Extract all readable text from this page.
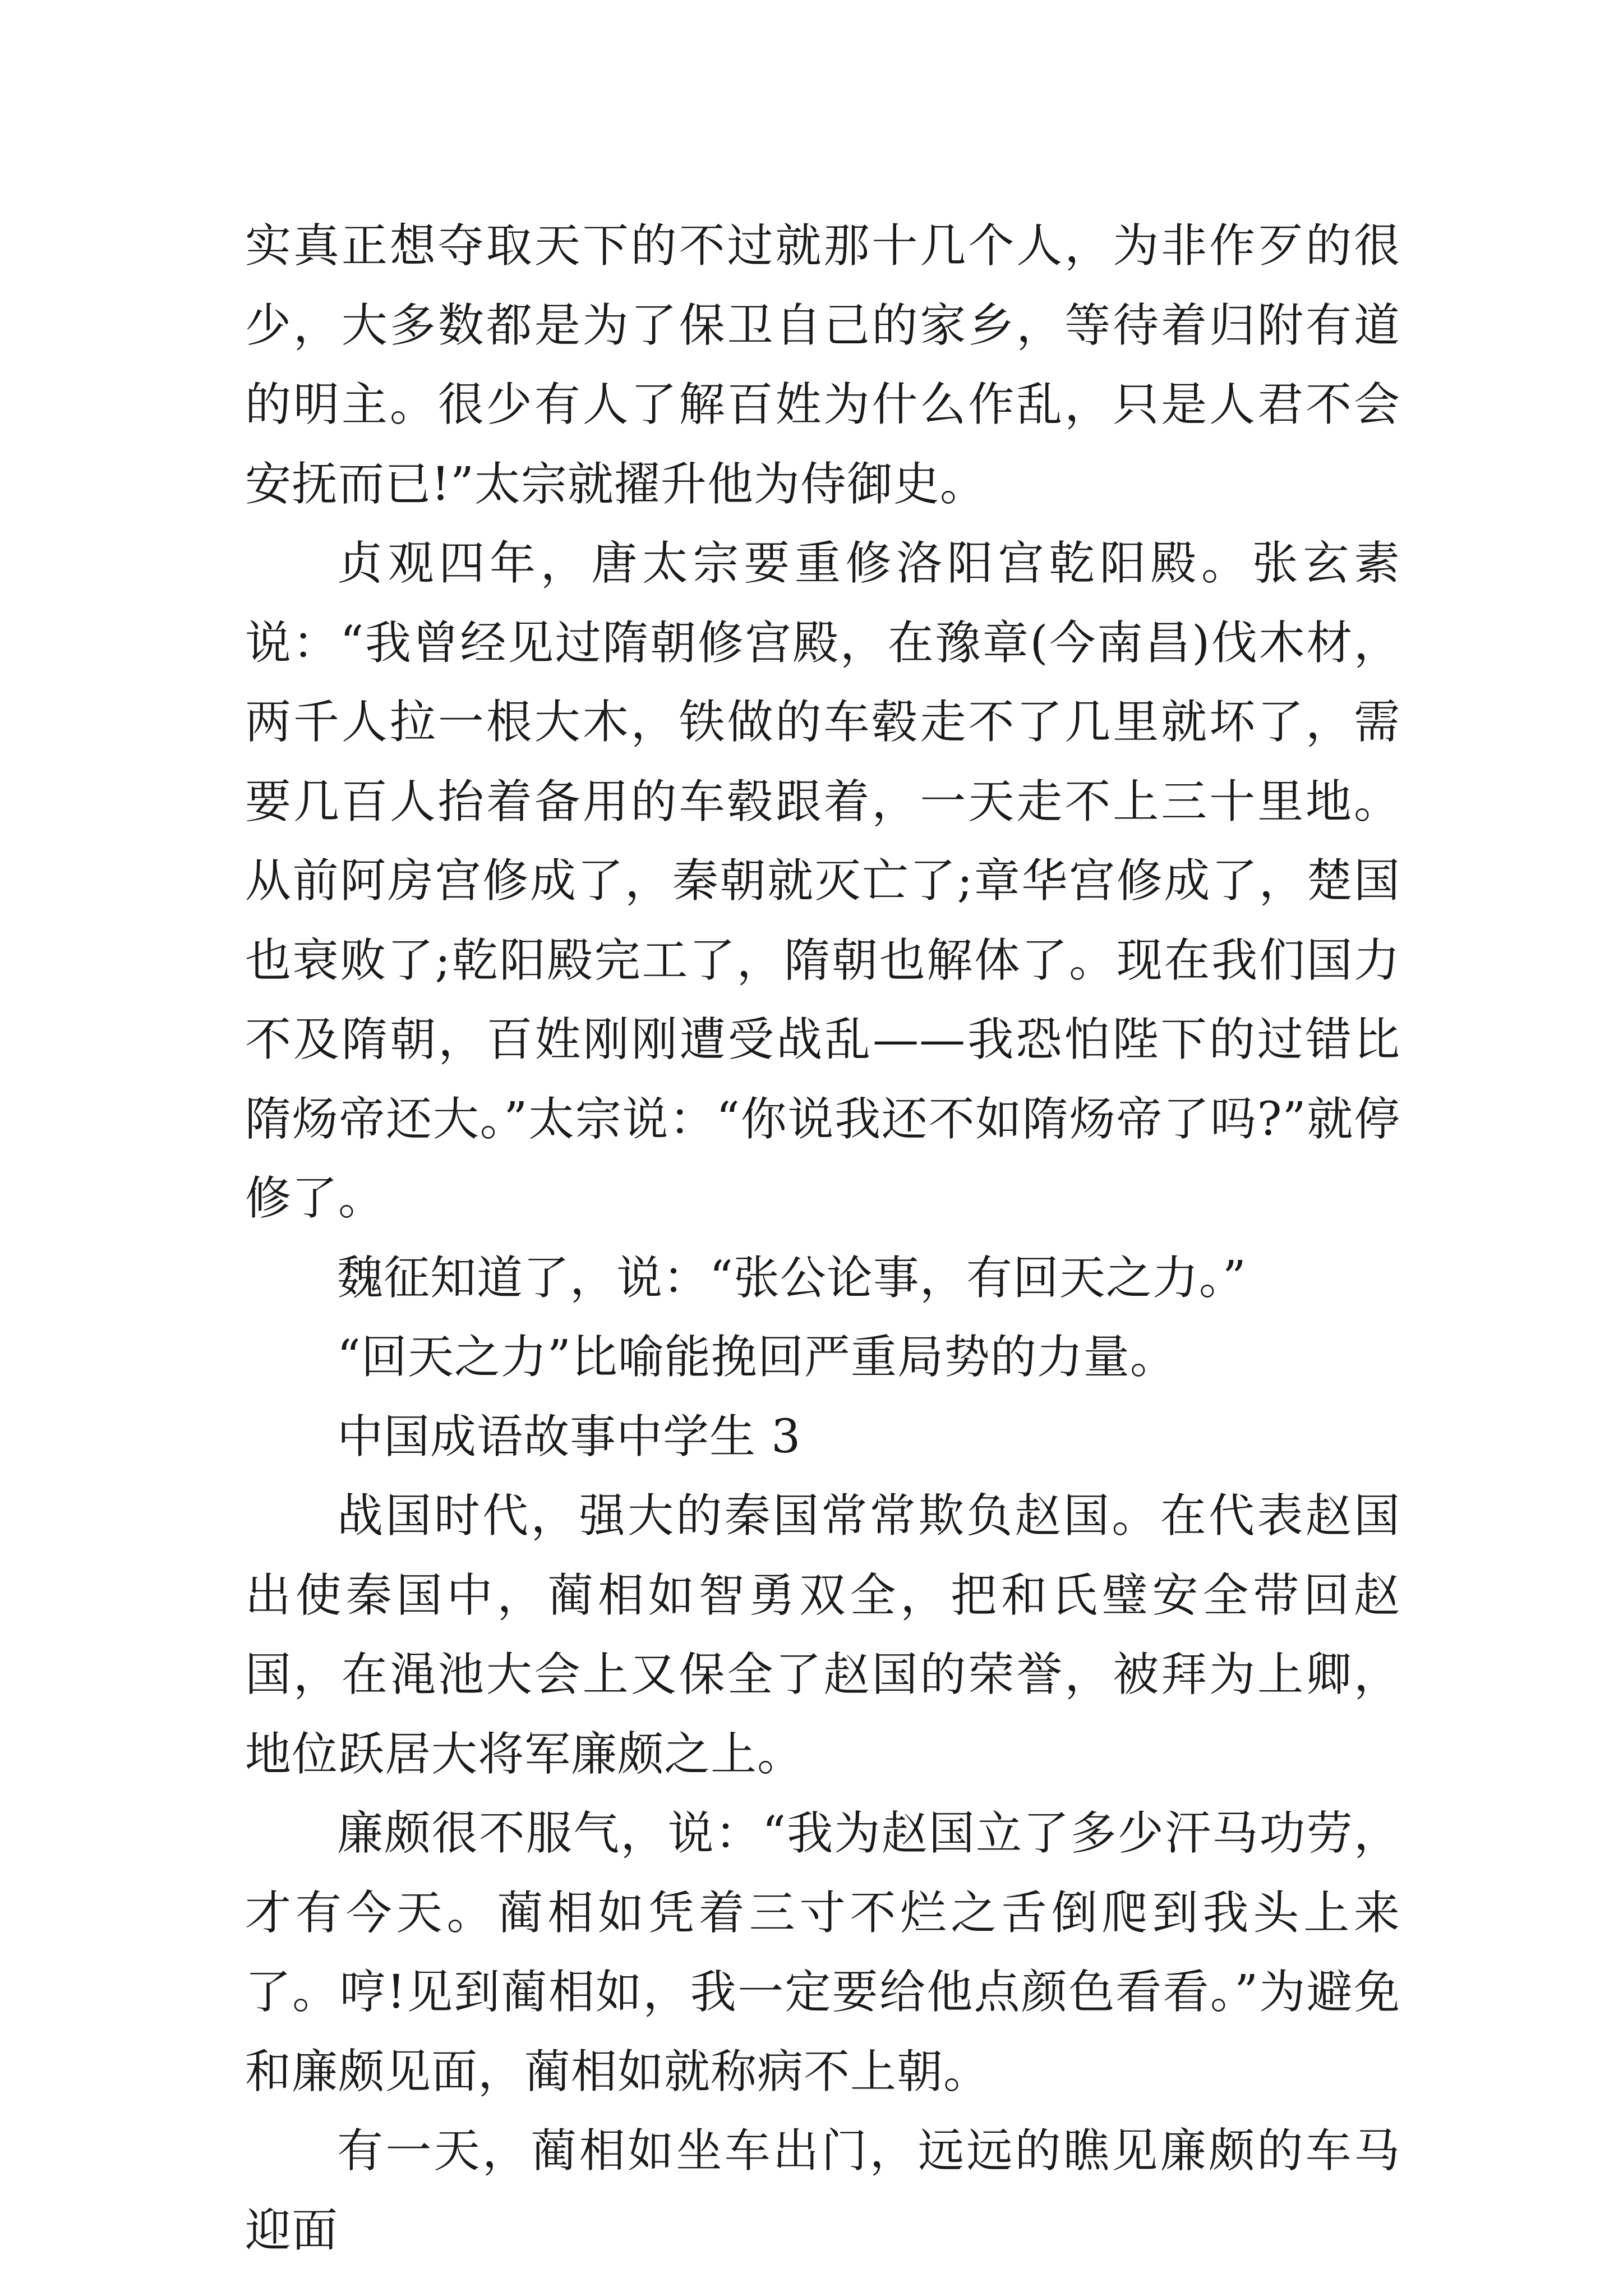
实真正想夺取天下的不过就那十几个人，为非作歹的很少，大多数都是为了保卫自己的家乡，等待着归附有道的明主。很少有人了解百姓为什么作乱，只是人君不会安抚而已!”太宗就擢升他为侍御史。

贞观四年，唐太宗要重修洛阳宫乾阳殿。张玄素说：“我曾经见过隋朝修宫殿，在豫章(今南昌)伐木材，两千人拉一根大木，铁做的车毂走不了几里就坏了，需要几百人抬着备用的车毂跟着，一天走不上三十里地。从前阿房宫修成了，秦朝就灭亡了;章华宫修成了，楚国也衰败了;乾阳殿完工了，隋朝也解体了。现在我们国力不及隋朝，百姓刚刚遭受战乱——我恐怕陛下的过错比隋炀帝还大。”太宗说：“你说我还不如隋炀帝了吗?”就停修了。

魏征知道了，说：“张公论事，有回天之力。”

“回天之力”比喻能挽回严重局势的力量。

中国成语故事中学生 3

战国时代，强大的秦国常常欺负赵国。在代表赵国出使秦国中，蔺相如智勇双全，把和氏璧安全带回赵国，在渑池大会上又保全了赵国的荣誉，被拜为上卿，地位跃居大将军廉颇之上。

廉颇很不服气，说：“我为赵国立了多少汗马功劳，才有今天。蔺相如凭着三寸不烂之舌倒爬到我头上来了。哼!见到蔺相如，我一定要给他点颜色看看。”为避免和廉颇见面，蔺相如就称病不上朝。

有一天，蔺相如坐车出门，远远的瞧见廉颇的车马迎面
